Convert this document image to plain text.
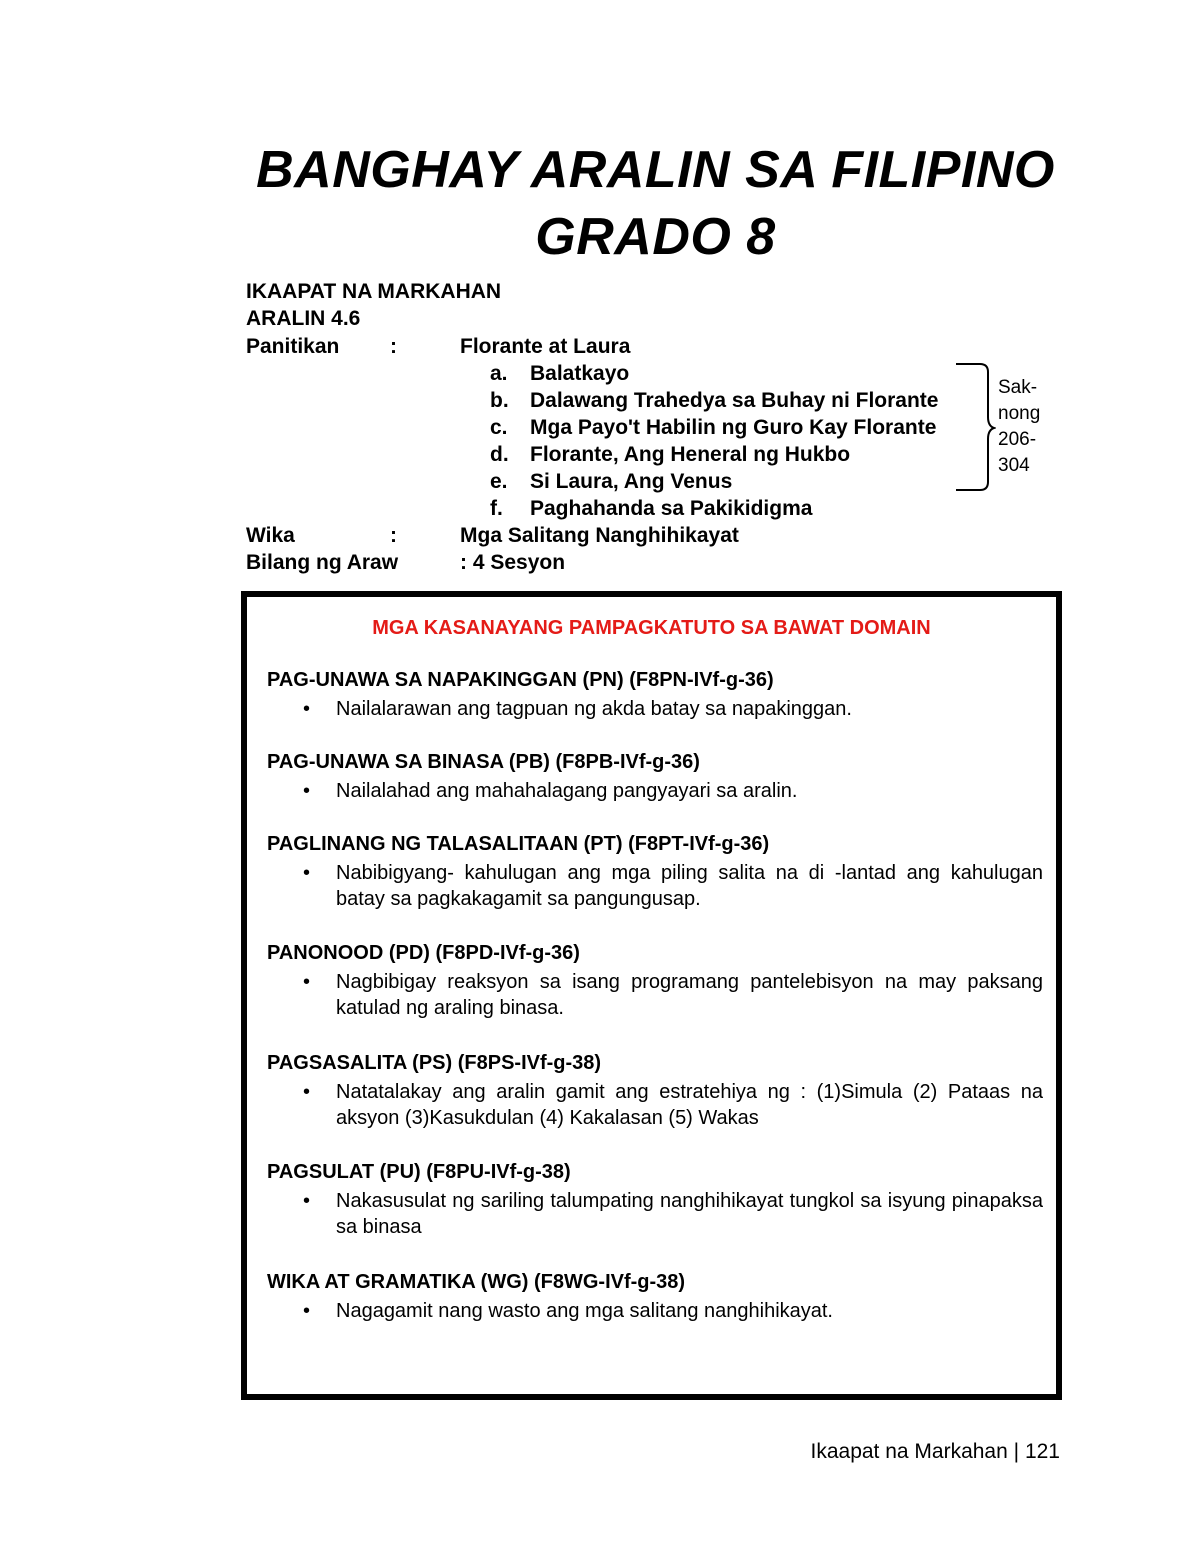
BANGHAY ARALIN SA FILIPINO
GRADO 8
IKAAPAT NA MARKAHAN
ARALIN 4.6
Panitikan :	Florante at Laura
a. Balatkayo
b. Dalawang Trahedya sa Buhay ni Florante
c. Mga Payo't Habilin ng Guro Kay Florante
d. Florante, Ang Heneral ng Hukbo
e. Si Laura, Ang Venus
f. Paghahanda sa Pakikidigma
Sak-
nong
206-
304
Wika	:	Mga Salitang Nanghihikayat
Bilang ng Araw	: 4 Sesyon
MGA KASANAYANG PAMPAGKATUTO SA BAWAT DOMAIN

PAG-UNAWA SA NAPAKINGGAN (PN) (F8PN-IVf-g-36)

• Nailalarawan ang tagpuan ng akda batay sa napakinggan.

PAG-UNAWA SA BINASA (PB) (F8PB-IVf-g-36)

• Nailalahad ang mahahalagang pangyayari sa aralin.

PAGLINANG NG TALASALITAAN (PT) (F8PT-IVf-g-36)

• Nabibigyang- kahulugan ang mga piling salita na di -lantad ang kahulugan batay sa pagkakagamit sa pangungusap.

PANONOOD (PD) (F8PD-IVf-g-36)

• Nagbibigay reaksyon sa isang programang pantelebisyon na may paksang katulad ng araling binasa.

PAGSASALITA (PS) (F8PS-IVf-g-38)

• Natatalakay ang aralin gamit ang estratehiya ng : (1)Simula (2) Pataas na aksyon (3)Kasukdulan (4) Kakalasan (5) Wakas

PAGSULAT (PU) (F8PU-IVf-g-38)

• Nakasusulat ng sariling talumpating nanghihikayat tungkol sa isyung pinapaksa sa binasa

WIKA AT GRAMATIKA (WG) (F8WG-IVf-g-38)

• Nagagamit nang wasto ang mga salitang nanghihikayat.
Ikaapat na Markahan | 121
